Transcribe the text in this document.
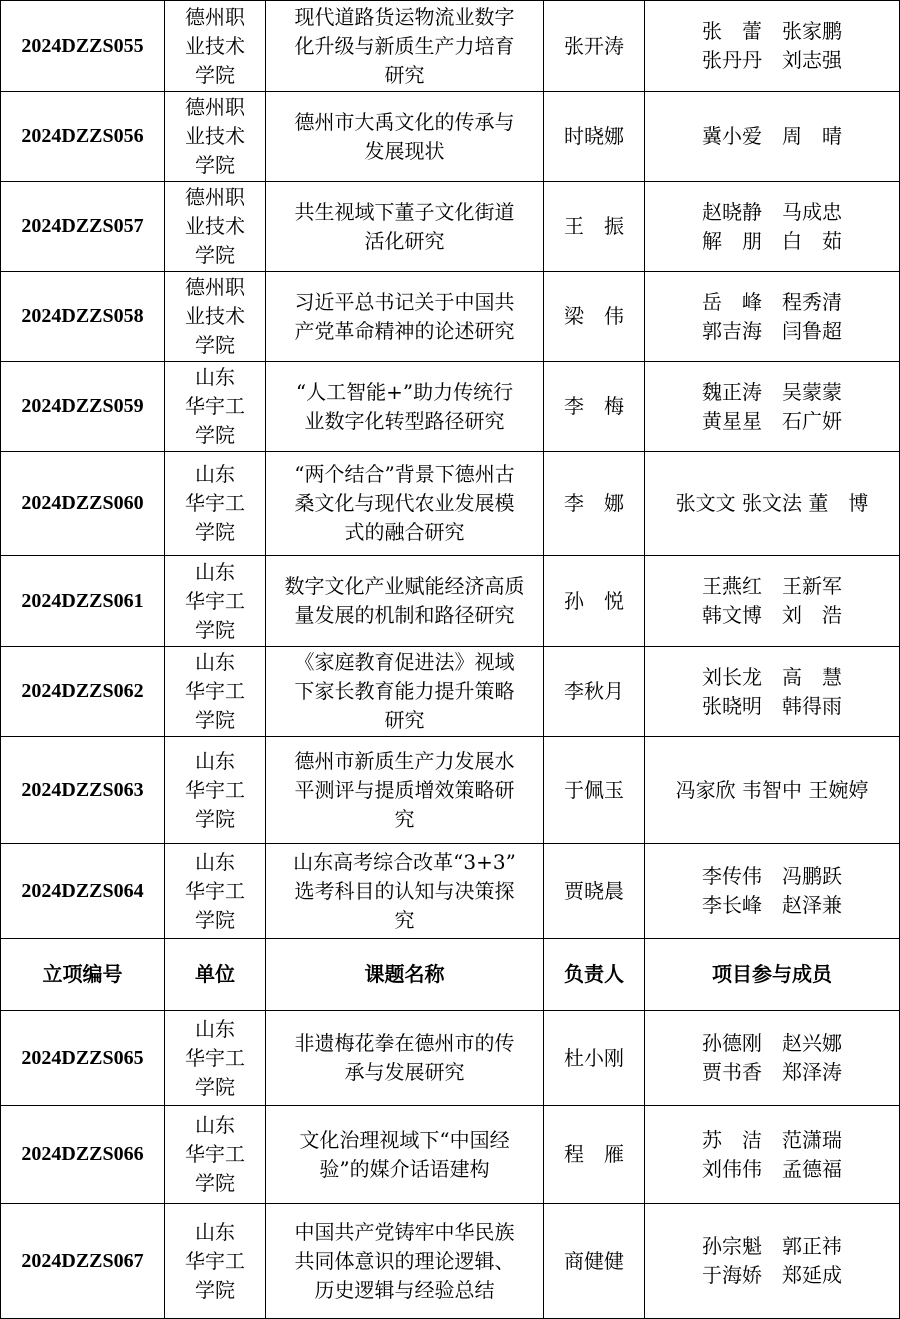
2024DZZS055	德州职
业技术
学院	现代道路货运物流业数字
化升级与新质生产力培育
研究	张开涛	张　蕾　张家鹏
张丹丹　刘志强

2024DZZS056	德州职
业技术
学院	德州市大禹文化的传承与
发展现状	时晓娜	冀小爱　周　晴

2024DZZS057	德州职
业技术
学院	共生视域下董子文化街道
活化研究	王　振	赵晓静　马成忠
解　朋　白　茹

2024DZZS058	德州职
业技术
学院	习近平总书记关于中国共
产党革命精神的论述研究	梁　伟	岳　峰　程秀清
郭吉海　闫鲁超

2024DZZS059	山东
华宇工
学院	“人工智能+”助力传统行
业数字化转型路径研究	李　梅	魏正涛　吴蒙蒙
黄星星　石广妍

2024DZZS060	山东
华宇工
学院	“两个结合”背景下德州古
桑文化与现代农业发展模
式的融合研究	李　娜	张文文 张文法 董　博

2024DZZS061	山东
华宇工
学院	数字文化产业赋能经济高质
量发展的机制和路径研究	孙　悦	王燕红　王新军
韩文博　刘　浩

2024DZZS062	山东
华宇工
学院	《家庭教育促进法》视域
下家长教育能力提升策略
研究	李秋月	刘长龙　高　慧
张晓明　韩得雨

2024DZZS063	山东
华宇工
学院	德州市新质生产力发展水
平测评与提质增效策略研
究	于佩玉	冯家欣 韦智中 王婉婷

2024DZZS064	山东
华宇工
学院	山东高考综合改革“3+3”
选考科目的认知与决策探
究	贾晓晨	李传伟　冯鹏跃
李长峰　赵泽兼

立项编号	单位	课题名称	负责人	项目参与成员
2024DZZS065	山东
华宇工
学院	非遗梅花拳在德州市的传
承与发展研究	杜小刚	孙德刚　赵兴娜
贾书香　郑泽涛

2024DZZS066	山东
华宇工
学院	文化治理视域下“中国经
验”的媒介话语建构	程　雁	苏　洁　范潇瑞
刘伟伟　孟德福

2024DZZS067	山东
华宇工
学院	中国共产党铸牢中华民族
共同体意识的理论逻辑、
历史逻辑与经验总结	商健健	孙宗魁　郭正祎
于海娇　郑延成
